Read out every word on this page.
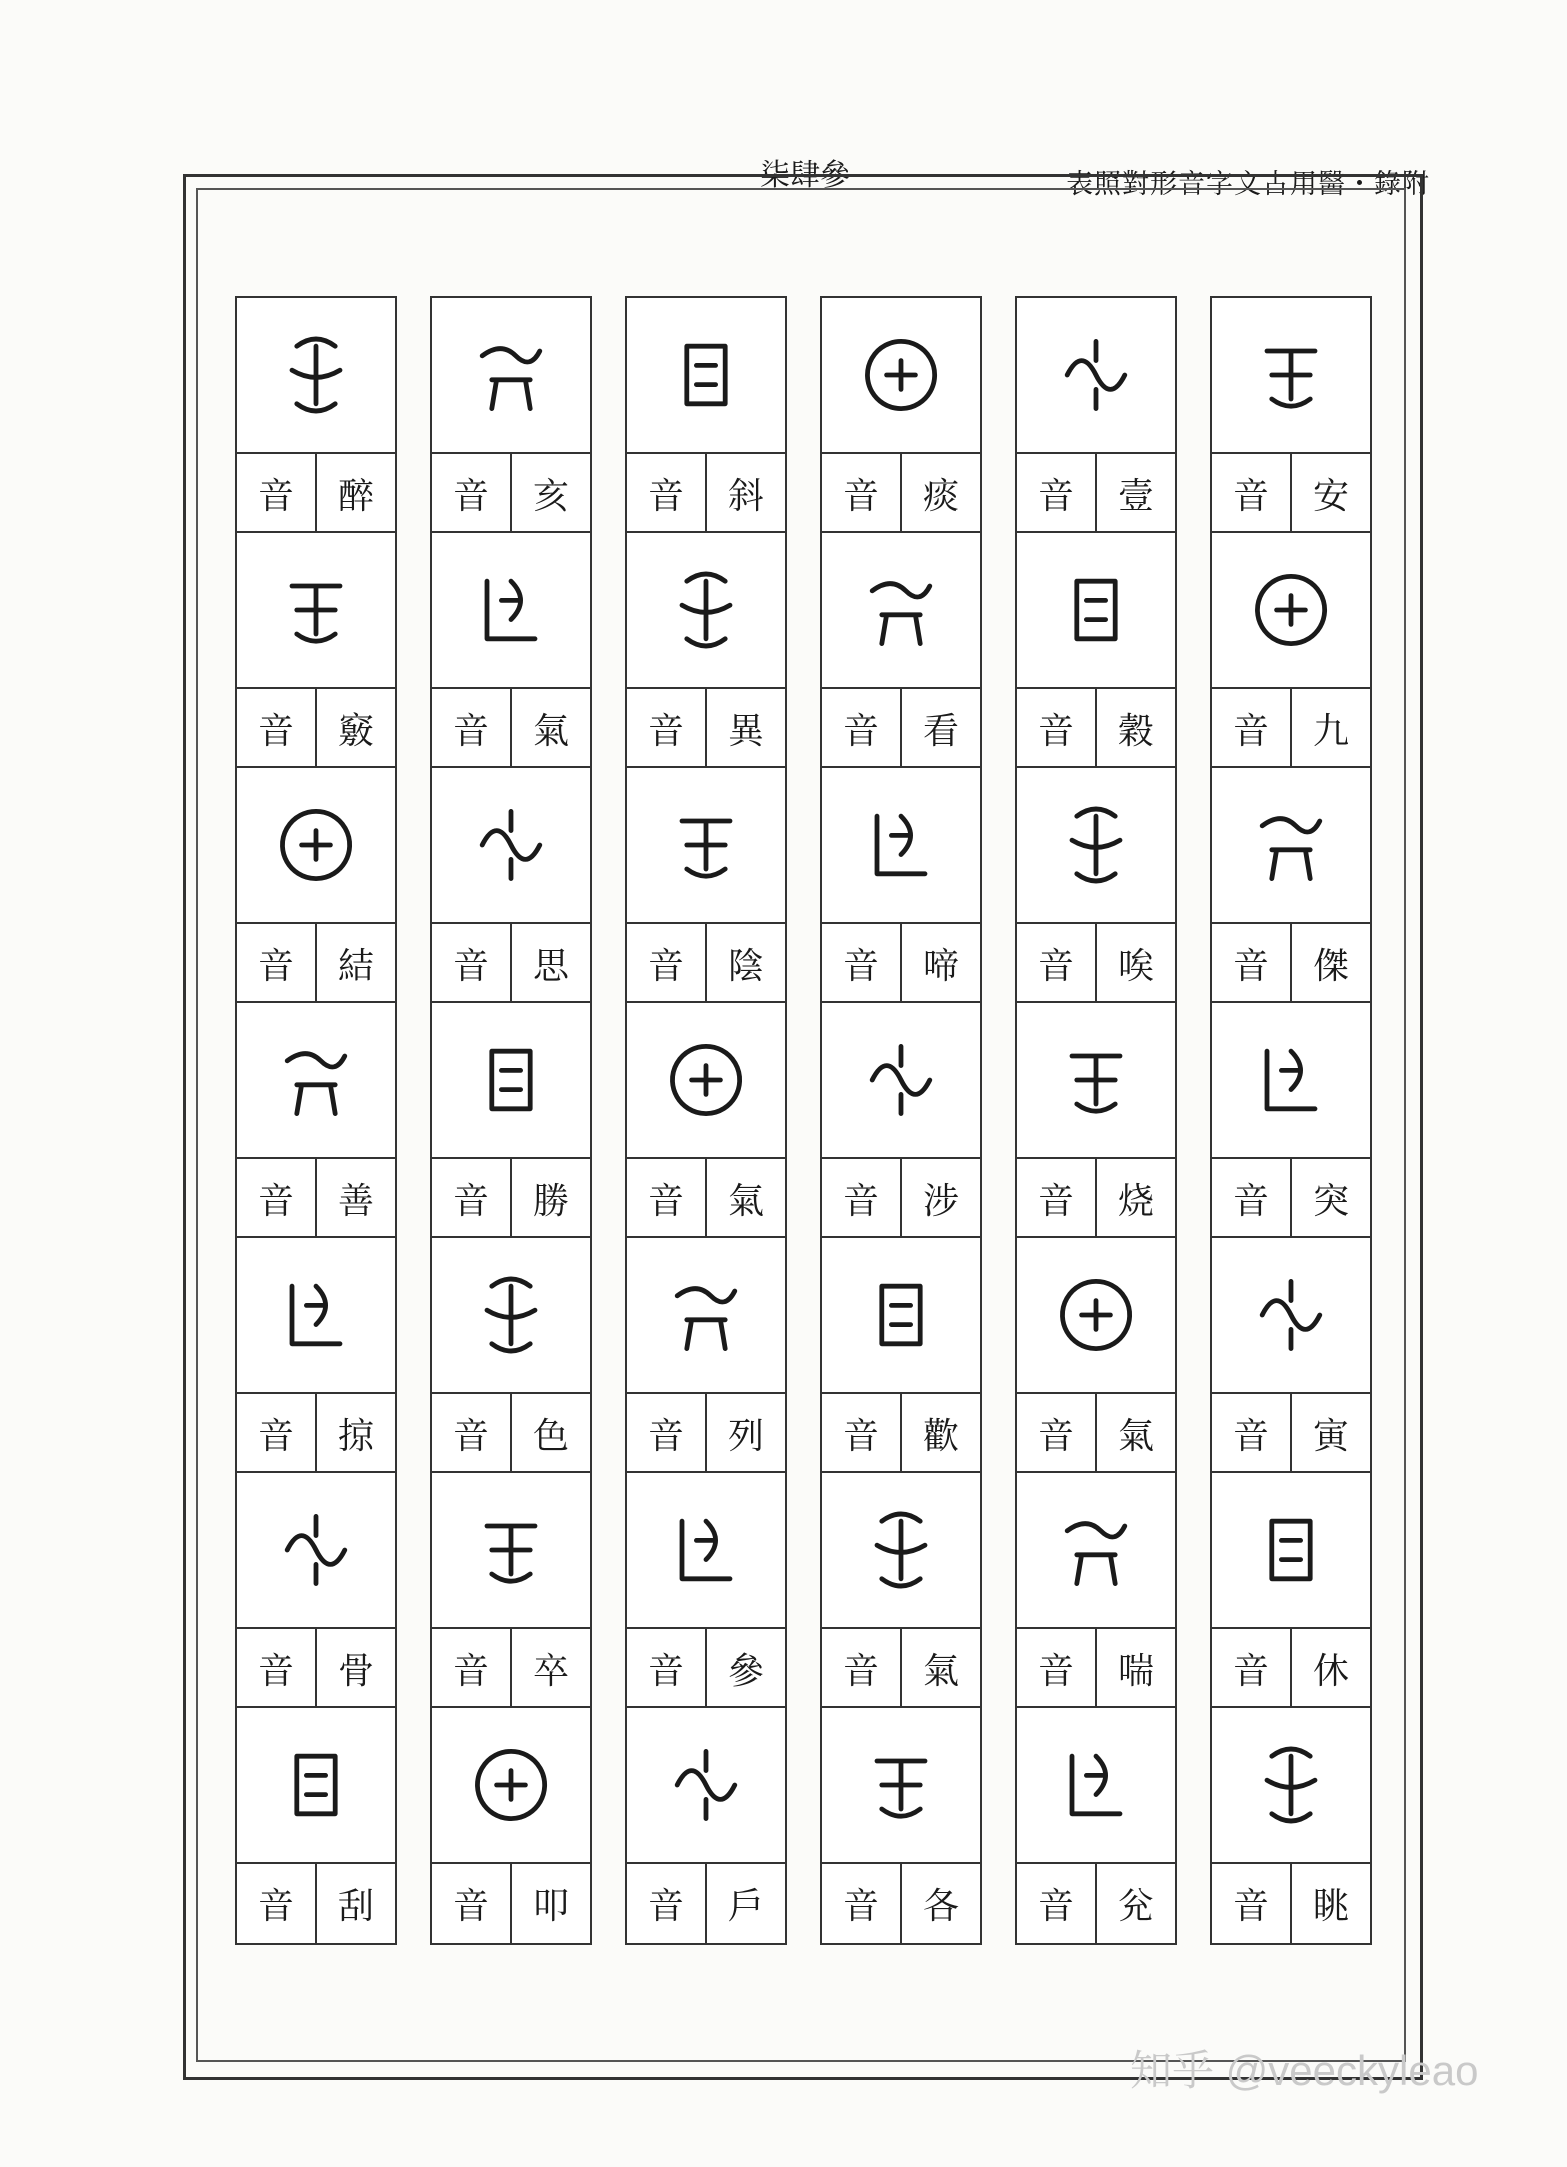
柒肆參	表照對形音字文古用醫・錄附
音	醉
音	竅
音	結
音	善
音	掠
音	骨
音	刮
音	亥
音	氣
音	思
音	勝
音	色
音	卒
音	叩
音	斜
音	異
音	陰
音	氣
音	列
音	參
音	戶
音	痰
音	看
音	啼
音	涉
音	歡
音	氣
音	各
音	壹
音	穀
音	唉
音	烧
音	氣
音	喘
音	兊
音	安
音	九
音	傑
音	突
音	寅
音	休
音	眺
知乎 @veeckyleao
